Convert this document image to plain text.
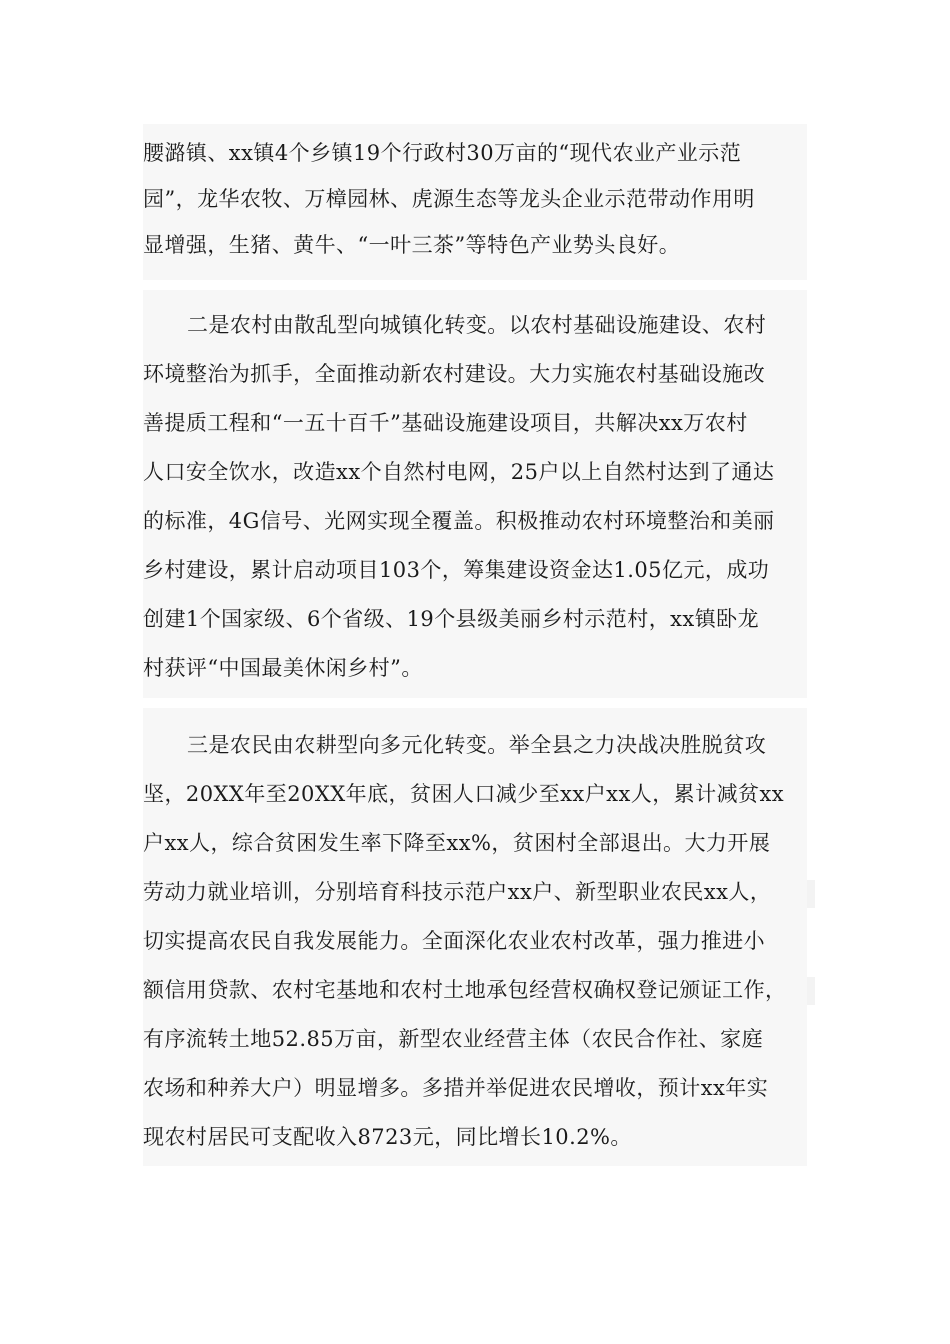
腰潞镇、xx镇4个乡镇19个行政村30万亩的“现代农业产业示范
园”，龙华农牧、万樟园林、虎源生态等龙头企业示范带动作用明
显增强，生猪、黄牛、“一叶三茶”等特色产业势头良好。
二是农村由散乱型向城镇化转变。以农村基础设施建设、农村
环境整治为抓手，全面推动新农村建设。大力实施农村基础设施改
善提质工程和“一五十百千”基础设施建设项目，共解决xx万农村
人口安全饮水，改造xx个自然村电网，25户以上自然村达到了通达
的标准，4G信号、光网实现全覆盖。积极推动农村环境整治和美丽
乡村建设，累计启动项目103个，筹集建设资金达1.05亿元，成功
创建1个国家级、6个省级、19个县级美丽乡村示范村，xx镇卧龙
村获评“中国最美休闲乡村”。
三是农民由农耕型向多元化转变。举全县之力决战决胜脱贫攻
坚，20XX年至20XX年底，贫困人口减少至xx户xx人，累计减贫xx
户xx人，综合贫困发生率下降至xx%，贫困村全部退出。大力开展
劳动力就业培训，分别培育科技示范户xx户、新型职业农民xx人，
切实提高农民自我发展能力。全面深化农业农村改革，强力推进小
额信用贷款、农村宅基地和农村土地承包经营权确权登记颁证工作，
有序流转土地52.85万亩，新型农业经营主体（农民合作社、家庭
农场和种养大户）明显增多。多措并举促进农民增收，预计xx年实
现农村居民可支配收入8723元，同比增长10.2%。
